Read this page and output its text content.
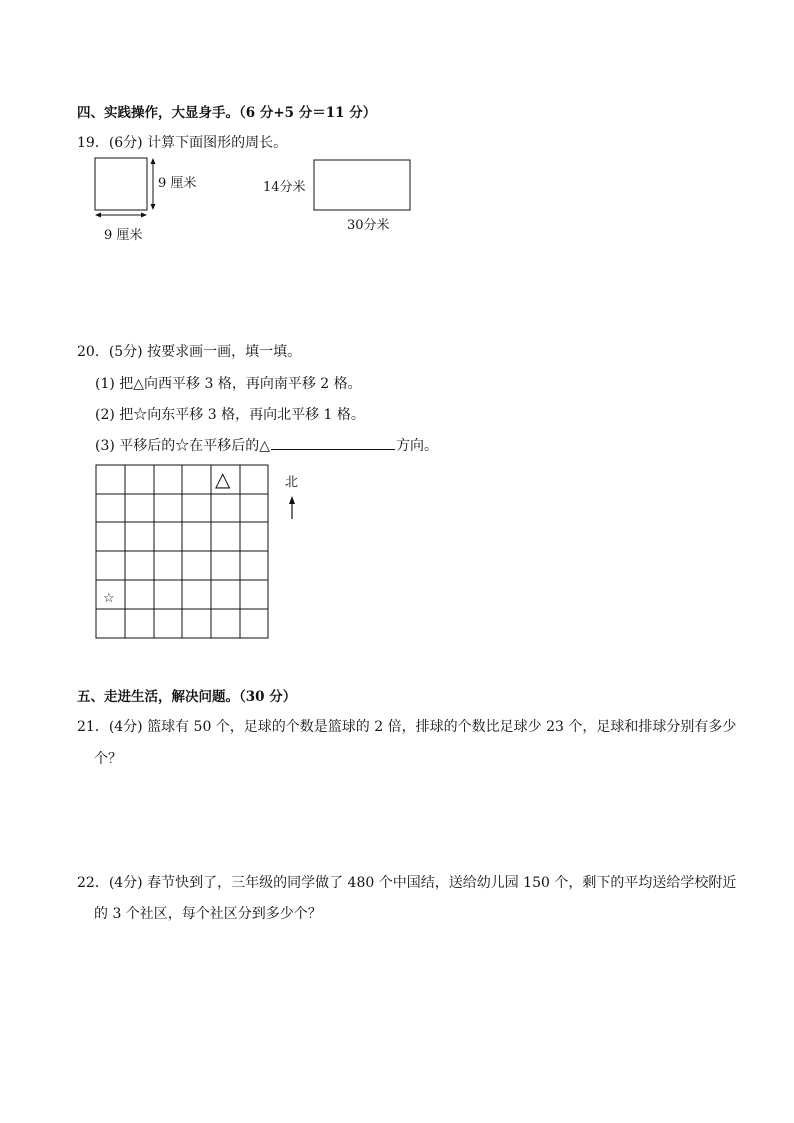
四、实践操作，大显身手。（6 分+5 分＝11 分）
19．(6分) 计算下面图形的周长。
9 厘米
9 厘米
14分米
30分米
20．(5分) 按要求画一画，填一填。
(1) 把△向西平移 3 格，再向南平移 2 格。
(2) 把☆向东平移 3 格，再向北平移 1 格。
(3) 平移后的☆在平移后的△	方向。
△
☆
北
五、走进生活，解决问题。（30 分）
21．(4分) 篮球有 50 个，足球的个数是篮球的 2 倍，排球的个数比足球少 23 个，足球和排球分别有多少
个？
22．(4分) 春节快到了，三年级的同学做了 480 个中国结，送给幼儿园 150 个，剩下的平均送给学校附近
的 3 个社区，每个社区分到多少个？
